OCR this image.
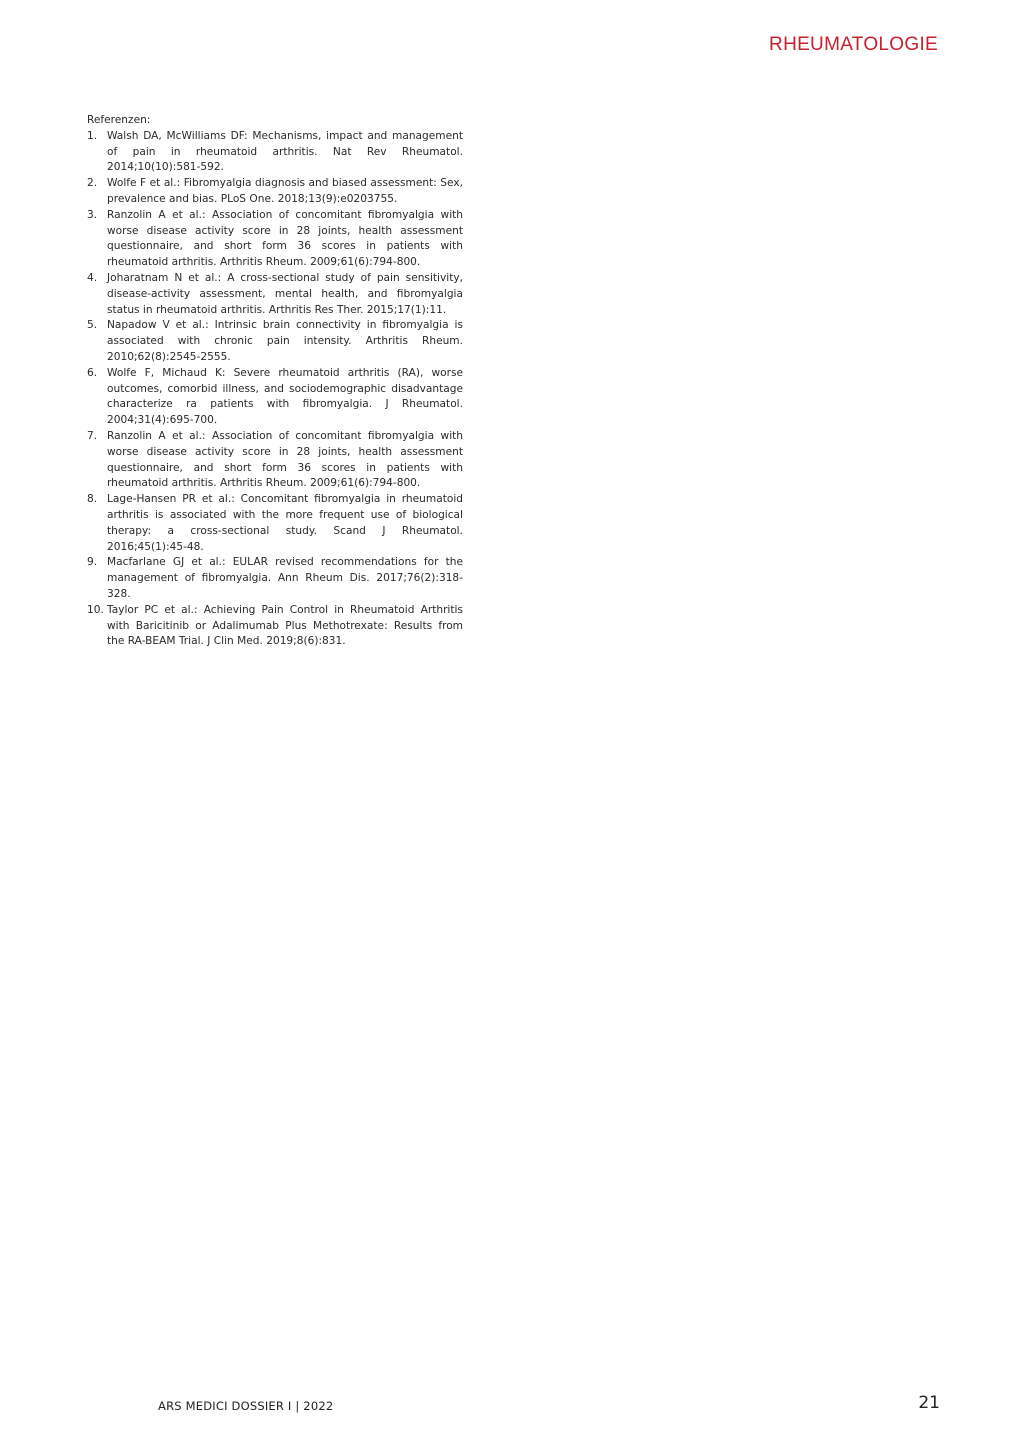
RHEUMATOLOGIE

Referenzen:

1. Walsh DA, McWilliams DF: Mechanisms, impact and management of pain in rheumatoid arthritis. Nat Rev Rheumatol. 2014;10(10):581-592.
2. Wolfe F et al.: Fibromyalgia diagnosis and biased assessment: Sex, prevalence and bias. PLoS One. 2018;13(9):e0203755.
3. Ranzolin A et al.: Association of concomitant fibromyalgia with worse disease activity score in 28 joints, health assessment questionnaire, and short form 36 scores in patients with rheumatoid arthritis. Arthritis Rheum. 2009;61(6):794-800.
4. Joharatnam N et al.: A cross-sectional study of pain sensitivity, disease-activity assessment, mental health, and fibromyalgia status in rheumatoid arthritis. Arthritis Res Ther. 2015;17(1):11.
5. Napadow V et al.: Intrinsic brain connectivity in fibromyalgia is associated with chronic pain intensity. Arthritis Rheum. 2010;62(8):2545-2555.
6. Wolfe F, Michaud K: Severe rheumatoid arthritis (RA), worse outcomes, comorbid illness, and sociodemographic disadvantage characterize ra patients with fibromyalgia. J Rheumatol. 2004;31(4):695-700.
7. Ranzolin A et al.: Association of concomitant fibromyalgia with worse disease activity score in 28 joints, health assessment questionnaire, and short form 36 scores in patients with rheumatoid arthritis. Arthritis Rheum. 2009;61(6):794-800.
8. Lage-Hansen PR et al.: Concomitant fibromyalgia in rheumatoid arthritis is associated with the more frequent use of biological therapy: a cross-sectional study. Scand J Rheumatol. 2016;45(1):45-48.
9. Macfarlane GJ et al.: EULAR revised recommendations for the management of fibromyalgia. Ann Rheum Dis. 2017;76(2):318-328.
10. Taylor PC et al.: Achieving Pain Control in Rheumatoid Arthritis with Baricitinib or Adalimumab Plus Methotrexate: Results from the RA-BEAM Trial. J Clin Med. 2019;8(6):831.
ARS MEDICI DOSSIER I | 2022	21
